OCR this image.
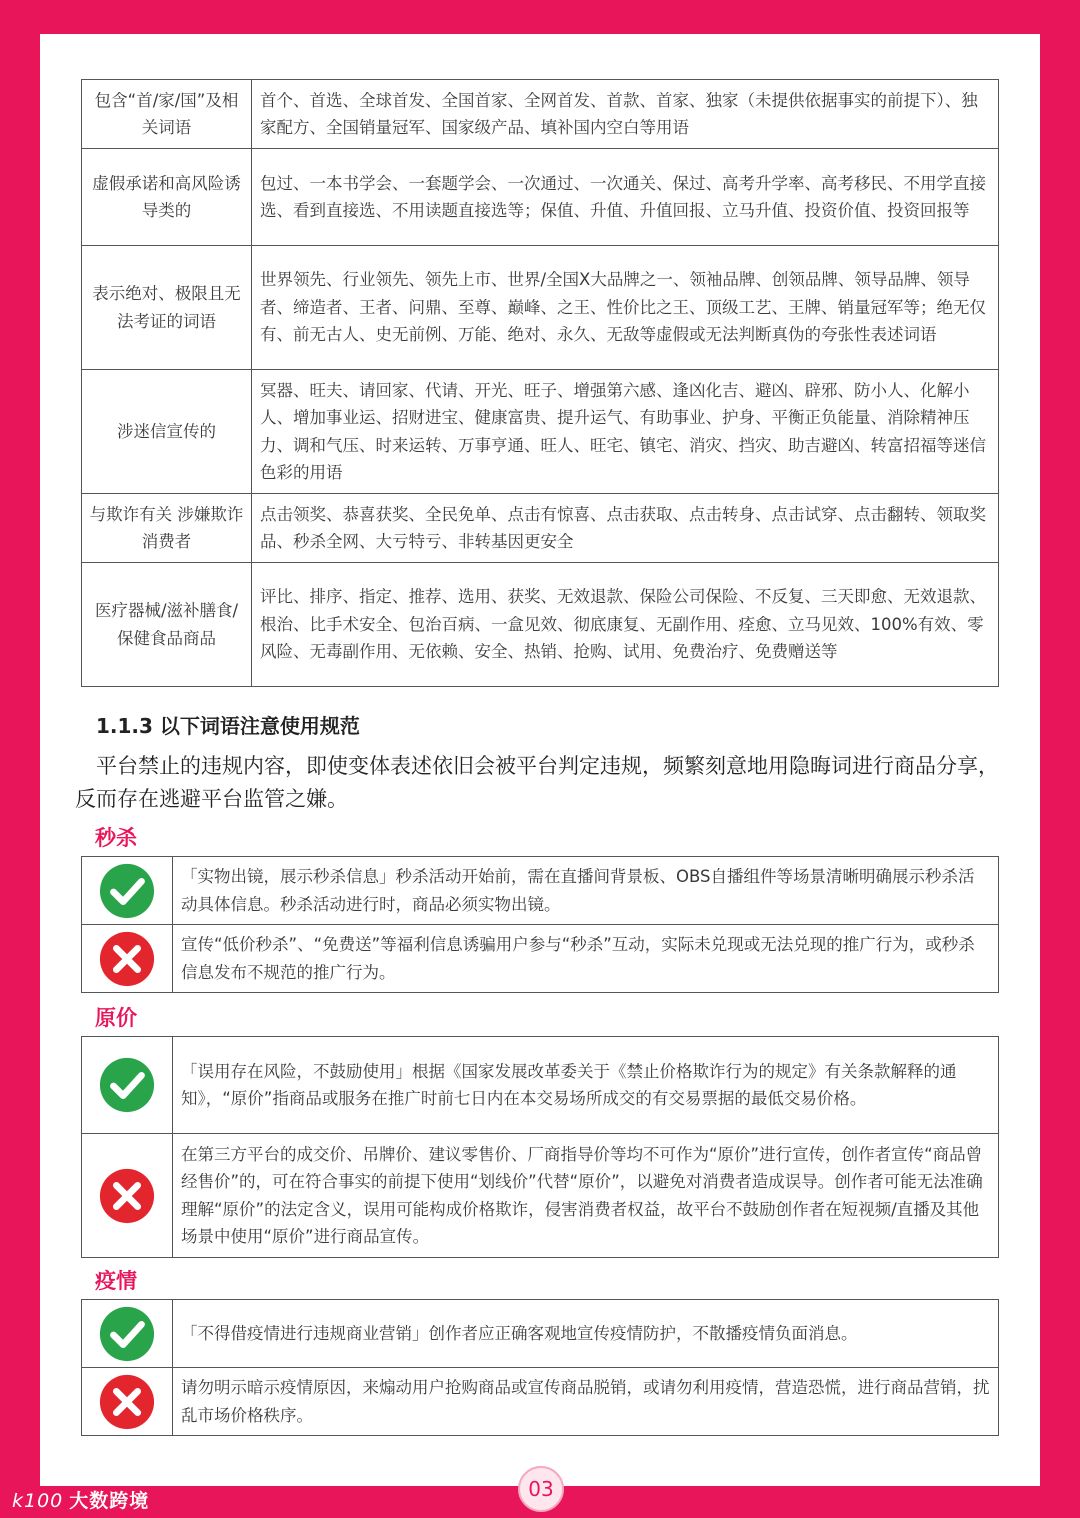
包含“首/家/国”及相关词语	首个、首选、全球首发、全国首家、全网首发、首款、首家、独家（未提供依据事实的前提下）、独家配方、全国销量冠军、国家级产品、填补国内空白等用语
虚假承诺和高风险诱导类的	包过、一本书学会、一套题学会、一次通过、一次通关、保过、高考升学率、高考移民、不用学直接选、看到直接选、不用读题直接选等；保值、升值、升值回报、立马升值、投资价值、投资回报等
表示绝对、极限且无法考证的词语	世界领先、行业领先、领先上市、世界/全国X大品牌之一、领袖品牌、创领品牌、领导品牌、领导者、缔造者、王者、问鼎、至尊、巅峰、之王、性价比之王、顶级工艺、王牌、销量冠军等；绝无仅有、前无古人、史无前例、万能、绝对、永久、无敌等虚假或无法判断真伪的夸张性表述词语
涉迷信宣传的	冥器、旺夫、请回家、代请、开光、旺子、增强第六感、逢凶化吉、避凶、辟邪、防小人、化解小人、增加事业运、招财进宝、健康富贵、提升运气、有助事业、护身、平衡正负能量、消除精神压力、调和气压、时来运转、万事亨通、旺人、旺宅、镇宅、消灾、挡灾、助吉避凶、转富招福等迷信色彩的用语
与欺诈有关 涉嫌欺诈消费者	点击领奖、恭喜获奖、全民免单、点击有惊喜、点击获取、点击转身、点击试穿、点击翻转、领取奖品、秒杀全网、大亏特亏、非转基因更安全
医疗器械/滋补膳食/保健食品商品	评比、排序、指定、推荐、选用、获奖、无效退款、保险公司保险、不反复、三天即愈、无效退款、根治、比手术安全、包治百病、一盒见效、彻底康复、无副作用、痊愈、立马见效、100%有效、零风险、无毒副作用、无依赖、安全、热销、抢购、试用、免费治疗、免费赠送等
1.1.3 以下词语注意使用规范
平台禁止的违规内容，即使变体表述依旧会被平台判定违规，频繁刻意地用隐晦词进行商品分享，反而存在逃避平台监管之嫌。
秒杀
	「实物出镜，展示秒杀信息」秒杀活动开始前，需在直播间背景板、OBS自播组件等场景清晰明确展示秒杀活动具体信息。秒杀活动进行时，商品必须实物出镜。
	宣传“低价秒杀”、“免费送”等福利信息诱骗用户参与“秒杀”互动，实际未兑现或无法兑现的推广行为，或秒杀信息发布不规范的推广行为。
原价
	「误用存在风险，不鼓励使用」根据《国家发展改革委关于《禁止价格欺诈行为的规定》有关条款解释的通知》，“原价”指商品或服务在推广时前七日内在本交易场所成交的有交易票据的最低交易价格。
	在第三方平台的成交价、吊牌价、建议零售价、厂商指导价等均不可作为“原价”进行宣传，创作者宣传“商品曾经售价”的，可在符合事实的前提下使用“划线价”代替“原价”，以避免对消费者造成误导。创作者可能无法准确理解“原价”的法定含义，误用可能构成价格欺诈，侵害消费者权益，故平台不鼓励创作者在短视频/直播及其他场景中使用“原价”进行商品宣传。
疫情
	「不得借疫情进行违规商业营销」创作者应正确客观地宣传疫情防护，不散播疫情负面消息。
	请勿明示暗示疫情原因，来煽动用户抢购商品或宣传商品脱销，或请勿利用疫情，营造恐慌，进行商品营销，扰乱市场价格秩序。
03
k100 大数跨境
